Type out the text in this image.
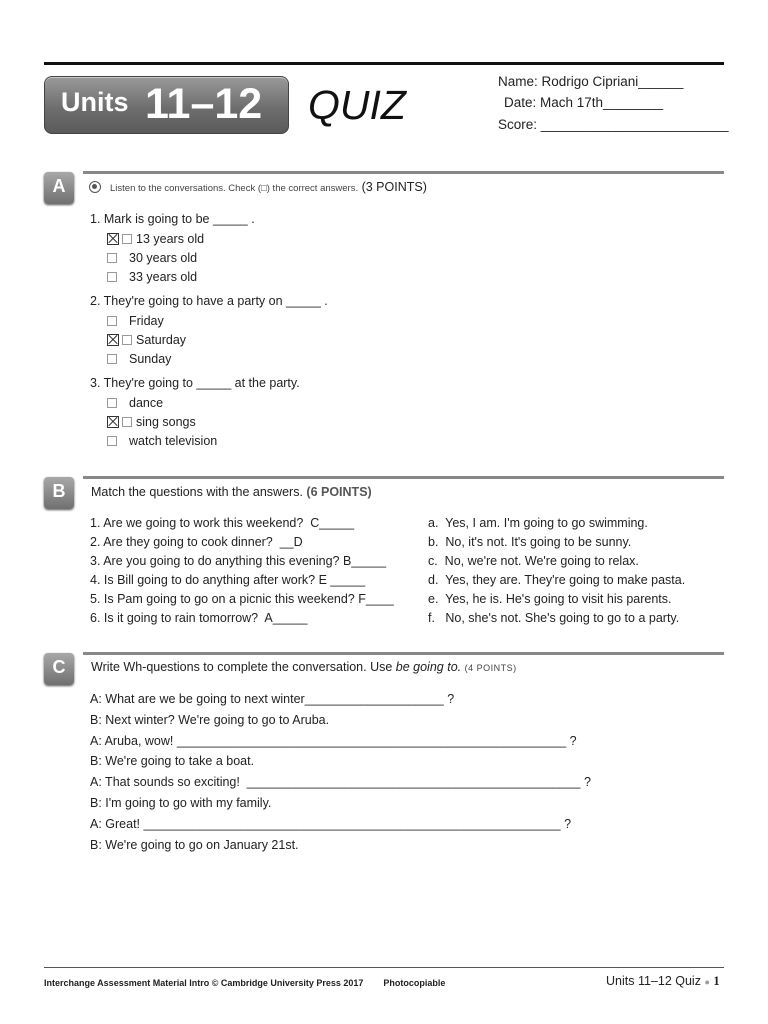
Units 11–12 QUIZ
Name: Rodrigo Cipriani______
Date: Mach 17th________
Score: _________________________
A	Listen to the conversations. Check (□) the correct answers. (3 POINTS)
1. Mark is going to be _____ .
13 years old
30 years old
33 years old
2. They're going to have a party on _____ .
Friday
Saturday
Sunday
3. They're going to _____ at the party.
dance
sing songs
watch television
B	Match the questions with the answers. (6 POINTS)
1. Are we going to work this weekend?  C_____
2. Are they going to cook dinner?  __D
3. Are you going to do anything this evening? B_____
4. Is Bill going to do anything after work? E _____
5. Is Pam going to go on a picnic this weekend? F____
6. Is it going to rain tomorrow?  A_____
a.  Yes, I am. I'm going to go swimming.
b.  No, it's not. It's going to be sunny.
c.  No, we're not. We're going to relax.
d.  Yes, they are. They're going to make pasta.
e.  Yes, he is. He's going to visit his parents.
f.   No, she's not. She's going to go to a party.
C	Write Wh-questions to complete the conversation. Use be going to. (4 POINTS)
A: What are we be going to next winter____________________ ?
B: Next winter? We're going to go to Aruba.
A: Aruba, wow! ________________________________________________________ ?
B: We're going to take a boat.
A: That sounds so exciting!  ________________________________________________ ?
B: I'm going to go with my family.
A: Great! ____________________________________________________________ ?
B: We're going to go on January 21st.
Interchange Assessment Material Intro © Cambridge University Press 2017        Photocopiable	Units 11–12 Quiz ● 1
